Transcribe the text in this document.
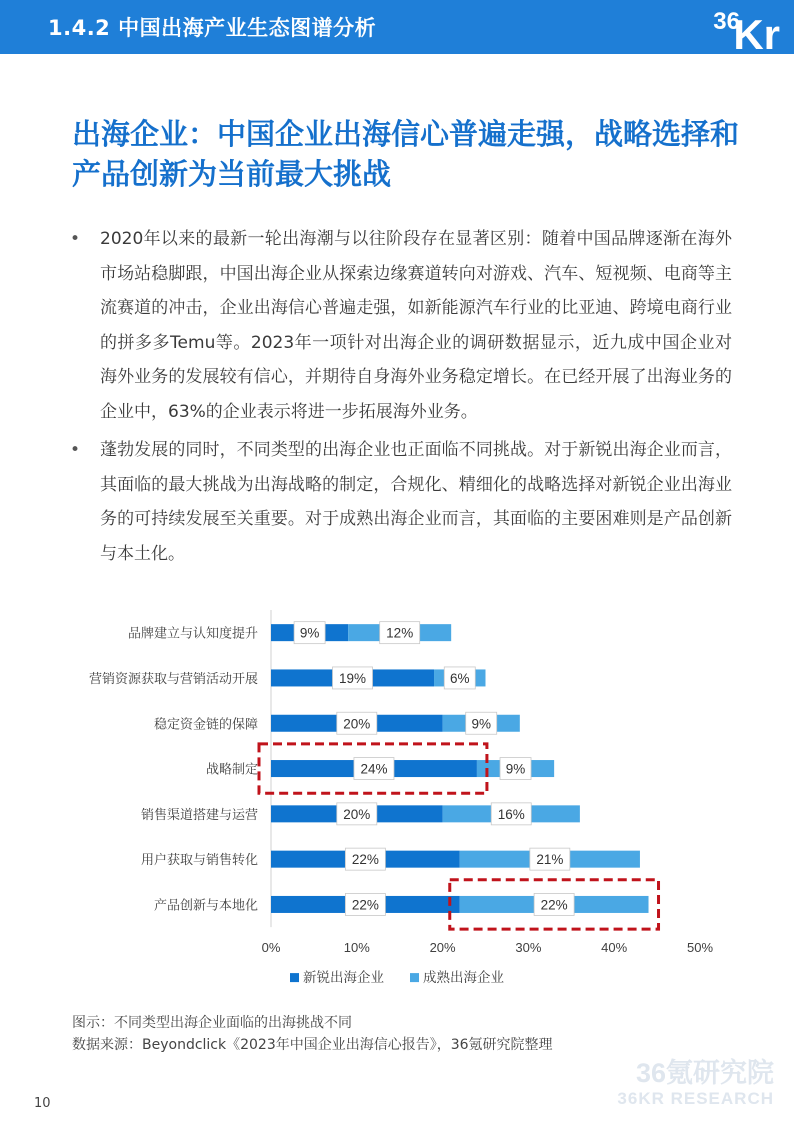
1.4.2 中国出海产业生态图谱分析	36
Kr
出海企业：中国企业出海信心普遍走强，战略选择和产品创新为当前最大挑战
• 2020年以来的最新一轮出海潮与以往阶段存在显著区别：随着中国品牌逐渐在海外市场站稳脚跟，中国出海企业从探索边缘赛道转向对游戏、汽车、短视频、电商等主流赛道的冲击，企业出海信心普遍走强，如新能源汽车行业的比亚迪、跨境电商行业的拼多多Temu等。2023年一项针对出海企业的调研数据显示，近九成中国企业对海外业务的发展较有信心，并期待自身海外业务稳定增长。在已经开展了出海业务的企业中，63%的企业表示将进一步拓展海外业务。
• 蓬勃发展的同时，不同类型的出海企业也正面临不同挑战。对于新锐出海企业而言，其面临的最大挑战为出海战略的制定，合规化、精细化的战略选择对新锐企业出海业务的可持续发展至关重要。对于成熟出海企业而言，其面临的主要困难则是产品创新与本土化。
品牌建立与认知度提升	9%	12%
营销资源获取与营销活动开展	19%	6%
稳定资金链的保障	20%	9%
战略制定	24%	9%
销售渠道搭建与运营	20%	16%
用户获取与销售转化	22%	21%
产品创新与本地化	22%	22%
0%	10%	20%	30%	40%	50%
新锐出海企业	成熟出海企业
图示：不同类型出海企业面临的出海挑战不同
数据来源：Beyondclick《2023年中国企业出海信心报告》，36氪研究院整理
36氪研究院
36KR RESEARCH
10
